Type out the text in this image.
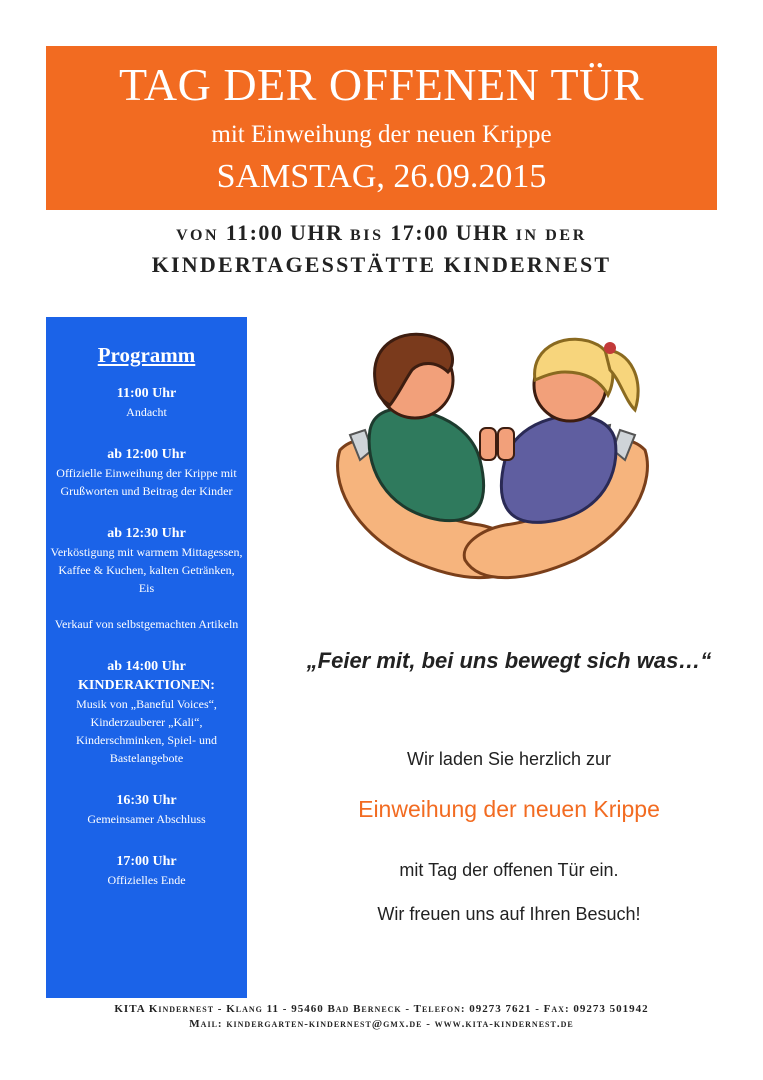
TAG DER OFFENEN TÜR
mit Einweihung der neuen Krippe
SAMSTAG, 26.09.2015
VON 11:00 UHR BIS 17:00 UHR IN DER
KINDERTAGESSTÄTTE KINDERNEST
Programm
11:00 Uhr
Andacht
ab 12:00 Uhr
Offizielle Einweihung der Krippe mit Grußworten und Beitrag der Kinder
ab 12:30 Uhr
Verköstigung mit warmem Mittagessen, Kaffee & Kuchen, kalten Getränken, Eis
Verkauf von selbstgemachten Artikeln
ab 14:00 Uhr
KINDERAKTIONEN:
Musik von „Baneful Voices“, Kinderzauberer „Kali“, Kinderschminken, Spiel- und Bastelangebote
16:30 Uhr
Gemeinsamer Abschluss
17:00 Uhr
Offizielles Ende
„Feier mit, bei uns bewegt sich was…“
Wir laden Sie herzlich zur
Einweihung der neuen Krippe
mit Tag der offenen Tür ein.
Wir freuen uns auf Ihren Besuch!
KITA Kindernest - Klang 11 - 95460 Bad Berneck - Telefon: 09273 7621 - Fax: 09273 501942
Mail: kindergarten-kindernest@gmx.de - www.kita-kindernest.de
